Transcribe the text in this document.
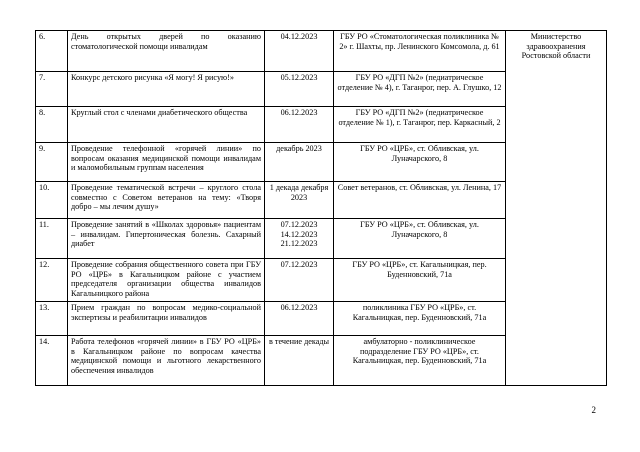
6.	День открытых дверей по оказанию стоматологической помощи инвалидам	04.12.2023	ГБУ РО «Стоматологическая поликлиника № 2» г. Шахты, пр. Ленинского Комсомола, д. 61	Министерство здравоохранения Ростовской области
7.	Конкурс детского рисунка «Я могу! Я рисую!»	05.12.2023	ГБУ РО «ДГП №2» (педиатрическое отделение № 4), г. Таганрог, пер. А. Глушко, 12	
8.	Круглый стол с членами диабетического общества	06.12.2023	ГБУ РО «ДГП №2» (педиатрическое отделение № 1), г. Таганрог, пер. Каркасный, 2	
9.	Проведение телефонной «горячей линии» по вопросам оказания медицинской помощи инвалидам и маломобильным группам населения	декабрь 2023	ГБУ РО «ЦРБ», ст. Обливская, ул. Луначарского, 8	
10.	Проведение тематической встречи – круглого стола совместно с Советом ветеранов на тему: «Творя добро – мы лечим душу»	1 декада декабря 2023	Совет ветеранов, ст. Обливская, ул. Ленина, 17	
11.	Проведение занятий в «Школах здоровья» пациентам – инвалидам. Гипертоническая болезнь. Сахарный диабет	07.12.2023
14.12.2023
21.12.2023	ГБУ РО «ЦРБ», ст. Обливская, ул. Луначарского, 8	
12.	Проведение собрания общественного совета при ГБУ РО «ЦРБ» в Кагальницком районе с участием председателя организации общества инвалидов Кагальницкого района	07.12.2023	ГБУ РО «ЦРБ», ст. Кагальницкая, пер. Буденновский, 71а	
13.	Прием граждан по вопросам медико-социальной экспертизы и реабилитации инвалидов	06.12.2023	поликлиника ГБУ РО «ЦРБ», ст. Кагальницкая, пер. Буденновский, 71а	
14.	Работа телефонов «горячей линии» в ГБУ РО «ЦРБ» в Кагальницком районе по вопросам качества медицинской помощи и льготного лекарственного обеспечения инвалидов	в течение декады	амбулаторно - поликлиническое подразделение ГБУ РО «ЦРБ», ст. Кагальницкая, пер. Буденновский, 71а	
2
